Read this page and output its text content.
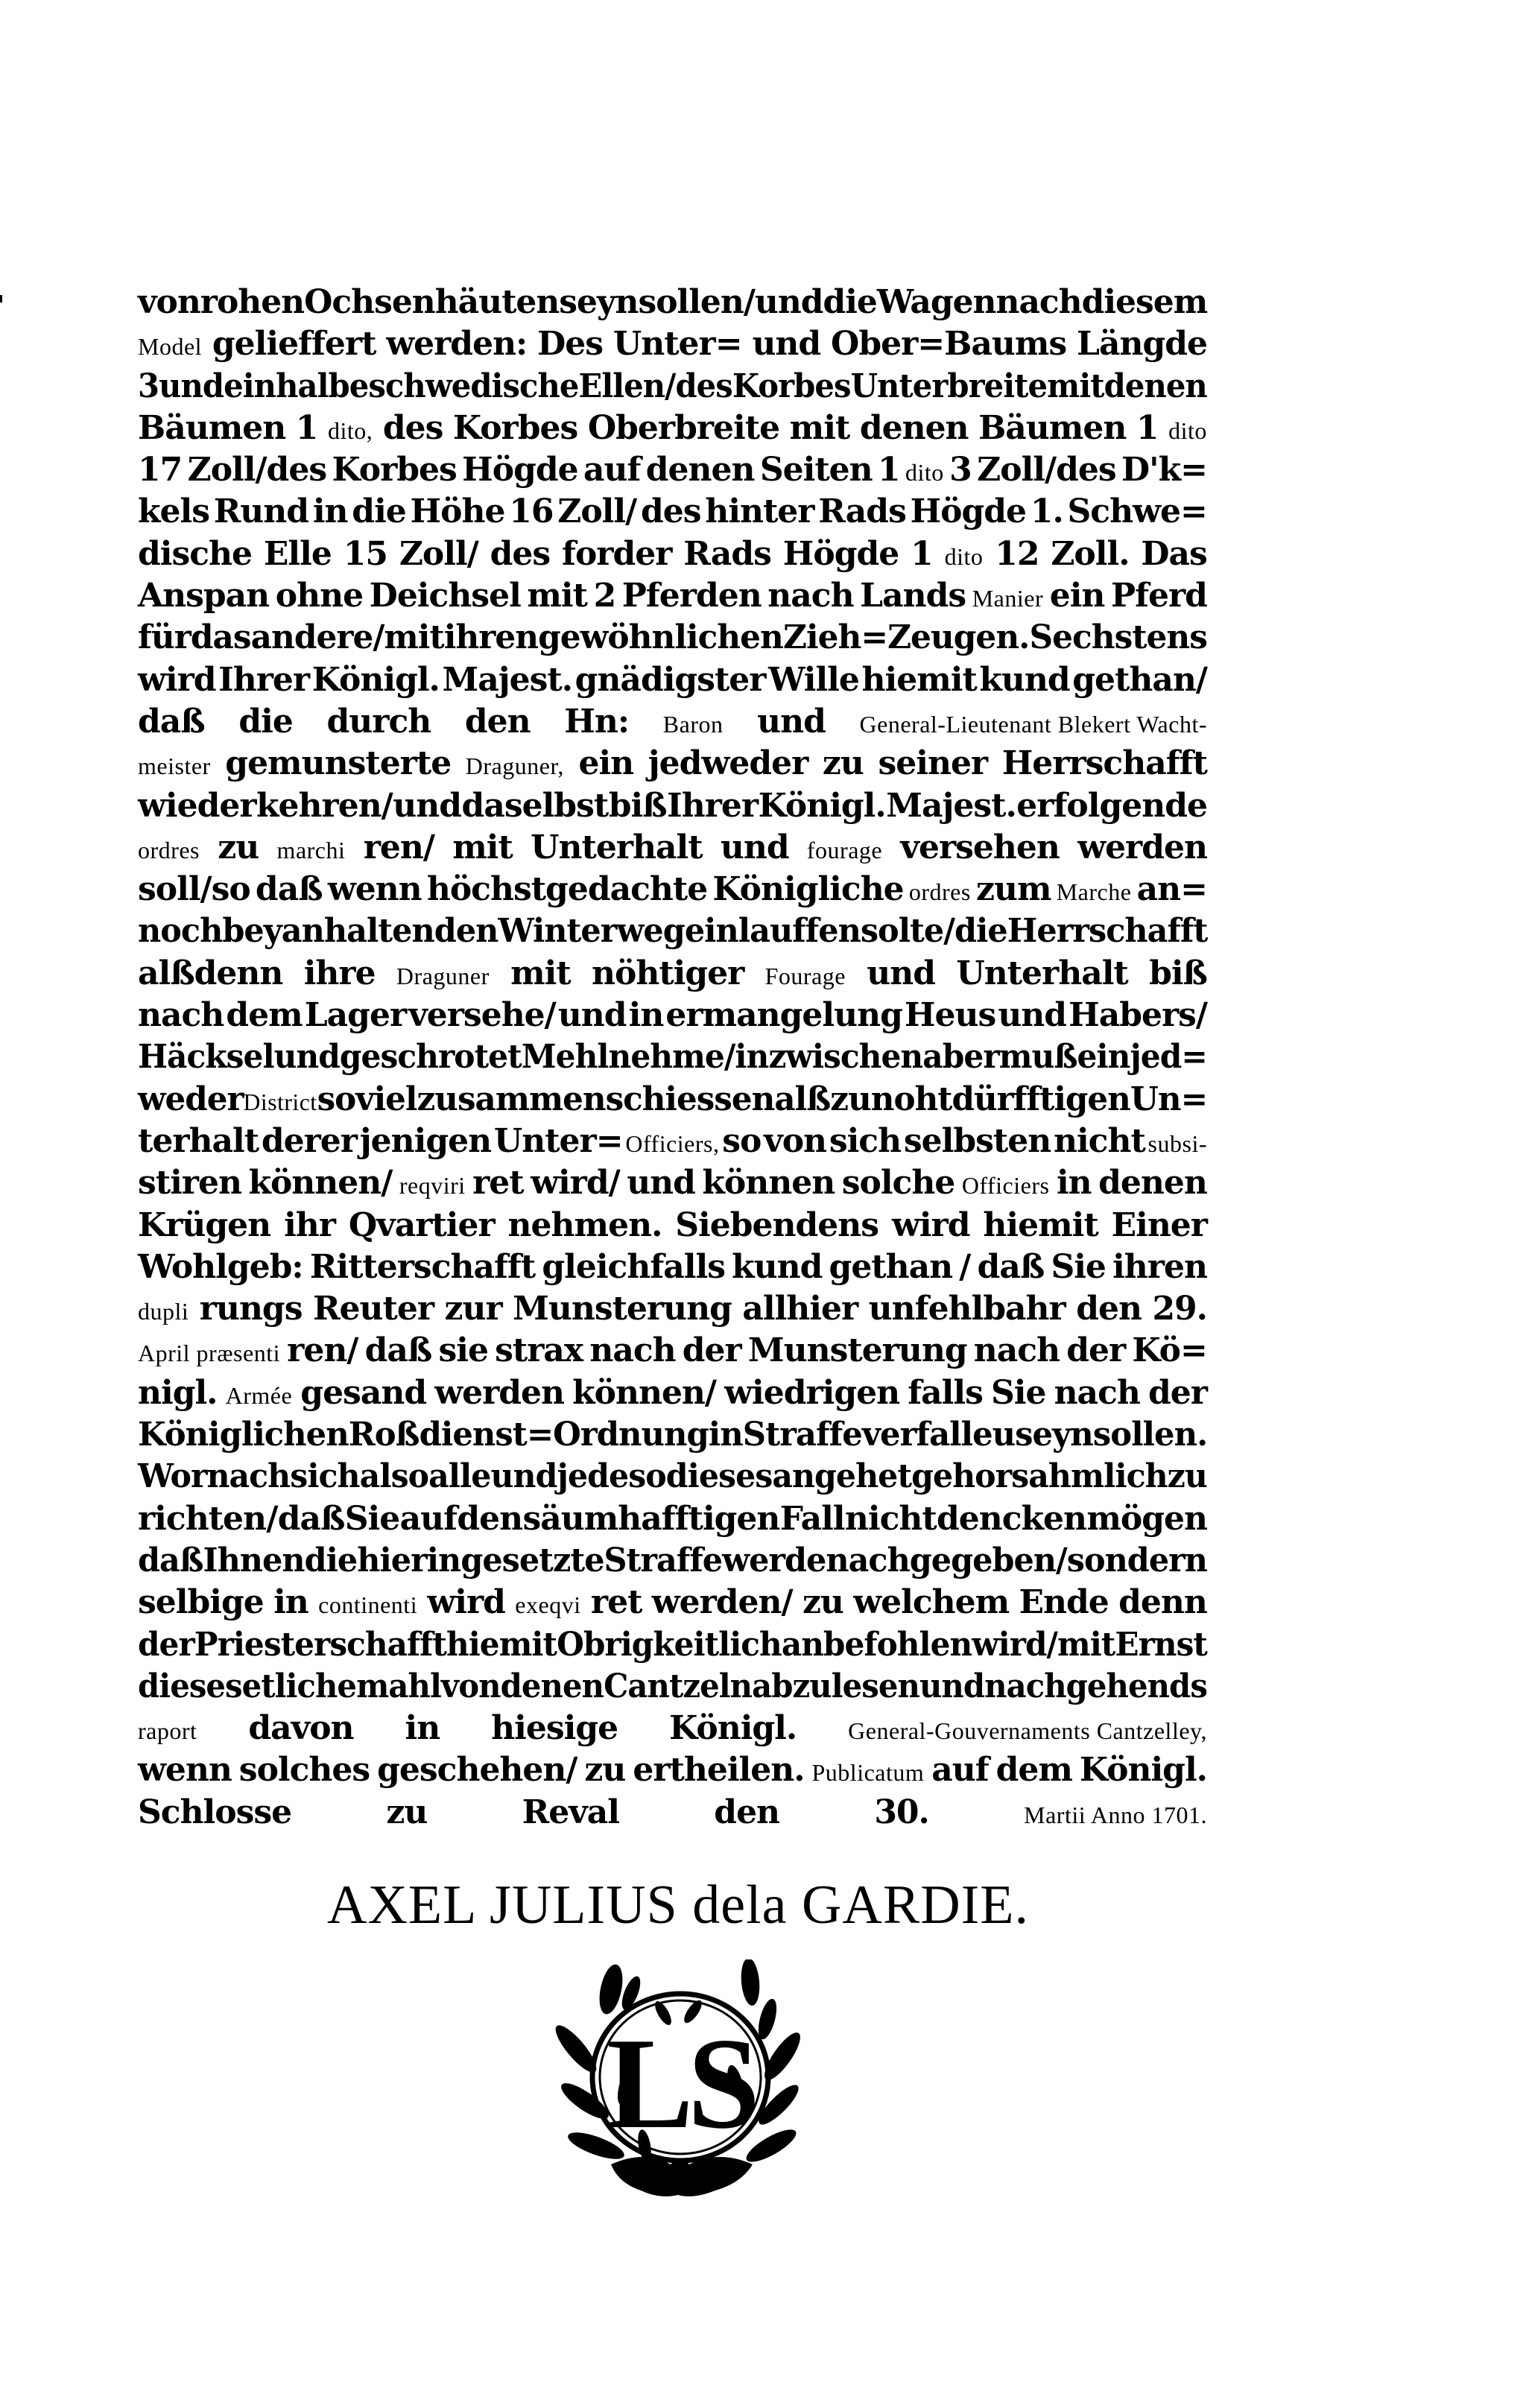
von rohen Ochsenhäuten seyn sollen/ und die Wagen nach diesem
Model gelieffert werden: Des Unter= und Ober=Baums Längde
3 und ein halbe schwedische Ellen/des Korbes Unterbreite mit denen
Bäumen 1 dito, des Korbes Oberbreite mit denen Bäumen 1 dito
17 Zoll/des Korbes Högde auf denen Seiten 1 dito 3 Zoll/des D'k=
kels Rund in die Höhe 16 Zoll/ des hinter Rads Högde 1. Schwe=
dische Elle 15 Zoll/ des forder Rads Högde 1 dito 12 Zoll. Das
Anspan ohne Deichsel mit 2 Pferden nach Lands Manier ein Pferd
für das andere/mit ihren gewöhnlichen Zieh=Zeugen. Sechstens
wird Ihrer Königl. Majest. gnädigster Wille hiemit kund gethan/
daß die durch den Hn: Baron und General-Lieutenant Blekert Wacht-
meister gemunsterte Draguner, ein jedweder zu seiner Herrschafft
wieder kehren/ und daselbst biß Ihrer Königl. Majest. erfolgende
ordres zu marchi ren/ mit Unterhalt und fourage versehen werden
soll/so daß wenn höchstgedachte Königliche ordres zum Marche an=
noch bey anhaltenden Winterweg einlauffen solte/ die Herrschafft
alßdenn ihre Draguner mit nöhtiger Fourage und Unterhalt biß
nach dem Lager versehe/ und in ermangelung Heus und Habers/
Häcksel und geschrotet Mehl nehme/ inzwischen aber muß ein jed=
weder District so viel zusammen schiessen alß zu nohtdürfftigen Un=
terhalt derer jenigen Unter= Officiers, so von sich selbsten nicht subsi-
stiren können/ reqviri ret wird/ und können solche Officiers in denen
Krügen ihr Qvartier nehmen. Siebendens wird hiemit Einer
Wohlgeb: Ritterschafft gleichfalls kund gethan / daß Sie ihren
dupli rungs Reuter zur Munsterung allhier unfehlbahr den 29.
April præsenti ren/ daß sie strax nach der Munsterung nach der Kö=
nigl. Armée gesand werden können/ wiedrigen falls Sie nach der
Königlichen Roßdienst=Ordnung in Straffe verfalleu seyn sollen.
Wornach sich also alle und jede so dieses angehet gehorsahmlich zu
richten / daß Sie auf den säumhafftigen Fall nicht dencken mögen
daß Ihnen die hierin gesetzte Straffe werde nachgegeben / sondern
selbige in continenti wird exeqvi ret werden/ zu welchem Ende denn
der Priesterschafft hiemit Obrigkeitlich anbefohlen wird/mit Ernst
dieses etliche mahl von denen Cantzeln abzulesen und nachgehends
raport davon in hiesige Königl. General-Gouvernaments Cantzelley,
wenn solches geschehen/ zu ertheilen. Publicatum auf dem Königl.
Schlosse	zu	Reval	den	30.	Martii Anno 1701.
AXEL JULIUS dela GARDIE.
LS
